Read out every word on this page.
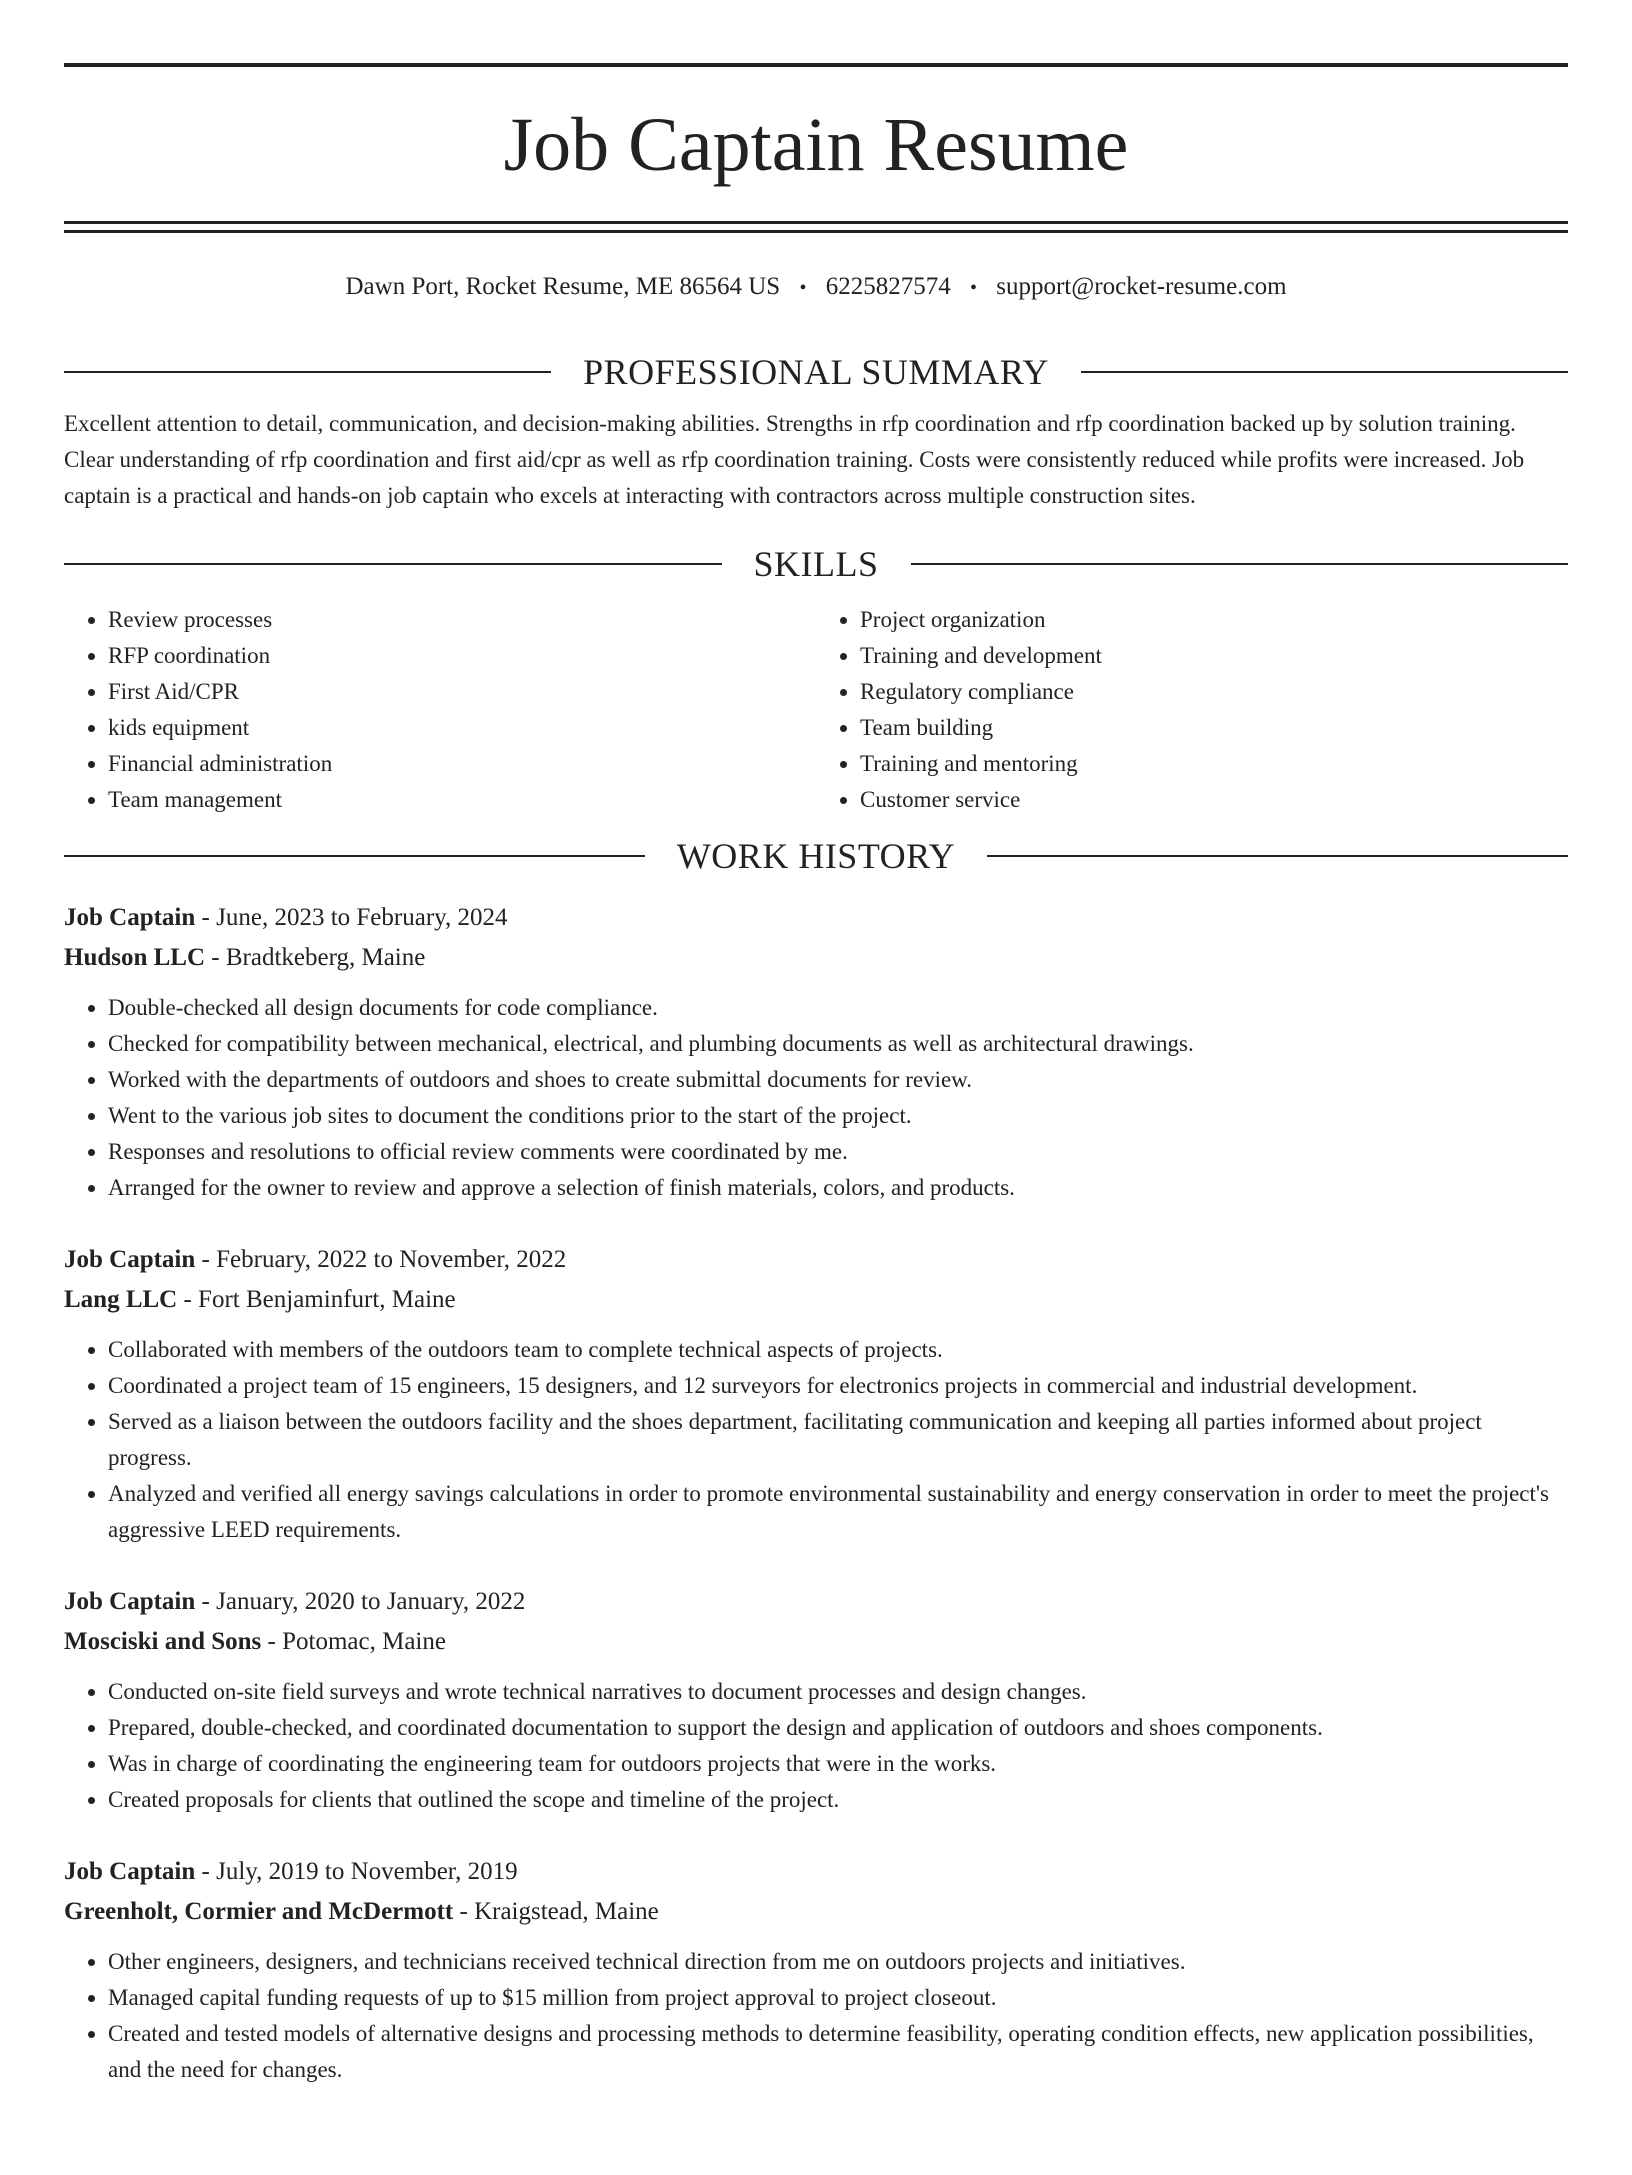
Job Captain Resume
Dawn Port, Rocket Resume, ME 86564 US • 6225827574 • support@rocket-resume.com
PROFESSIONAL SUMMARY

Excellent attention to detail, communication, and decision-making abilities. Strengths in rfp coordination and rfp coordination backed up by solution training. Clear understanding of rfp coordination and first aid/cpr as well as rfp coordination training. Costs were consistently reduced while profits were increased. Job captain is a practical and hands-on job captain who excels at interacting with contractors across multiple construction sites.

SKILLS
• Review processes
• RFP coordination
• First Aid/CPR
• kids equipment
• Financial administration
• Team management
• Project organization
• Training and development
• Regulatory compliance
• Team building
• Training and mentoring
• Customer service
WORK HISTORY
Job Captain - June, 2023 to February, 2024
Hudson LLC - Bradtkeberg, Maine
• Double-checked all design documents for code compliance.
• Checked for compatibility between mechanical, electrical, and plumbing documents as well as architectural drawings.
• Worked with the departments of outdoors and shoes to create submittal documents for review.
• Went to the various job sites to document the conditions prior to the start of the project.
• Responses and resolutions to official review comments were coordinated by me.
• Arranged for the owner to review and approve a selection of finish materials, colors, and products.
Job Captain - February, 2022 to November, 2022
Lang LLC - Fort Benjaminfurt, Maine
• Collaborated with members of the outdoors team to complete technical aspects of projects.
• Coordinated a project team of 15 engineers, 15 designers, and 12 surveyors for electronics projects in commercial and industrial development.
• Served as a liaison between the outdoors facility and the shoes department, facilitating communication and keeping all parties informed about project progress.
• Analyzed and verified all energy savings calculations in order to promote environmental sustainability and energy conservation in order to meet the project's aggressive LEED requirements.
Job Captain - January, 2020 to January, 2022
Mosciski and Sons - Potomac, Maine
• Conducted on-site field surveys and wrote technical narratives to document processes and design changes.
• Prepared, double-checked, and coordinated documentation to support the design and application of outdoors and shoes components.
• Was in charge of coordinating the engineering team for outdoors projects that were in the works.
• Created proposals for clients that outlined the scope and timeline of the project.
Job Captain - July, 2019 to November, 2019
Greenholt, Cormier and McDermott - Kraigstead, Maine
• Other engineers, designers, and technicians received technical direction from me on outdoors projects and initiatives.
• Managed capital funding requests of up to $15 million from project approval to project closeout.
• Created and tested models of alternative designs and processing methods to determine feasibility, operating condition effects, new application possibilities, and the need for changes.
